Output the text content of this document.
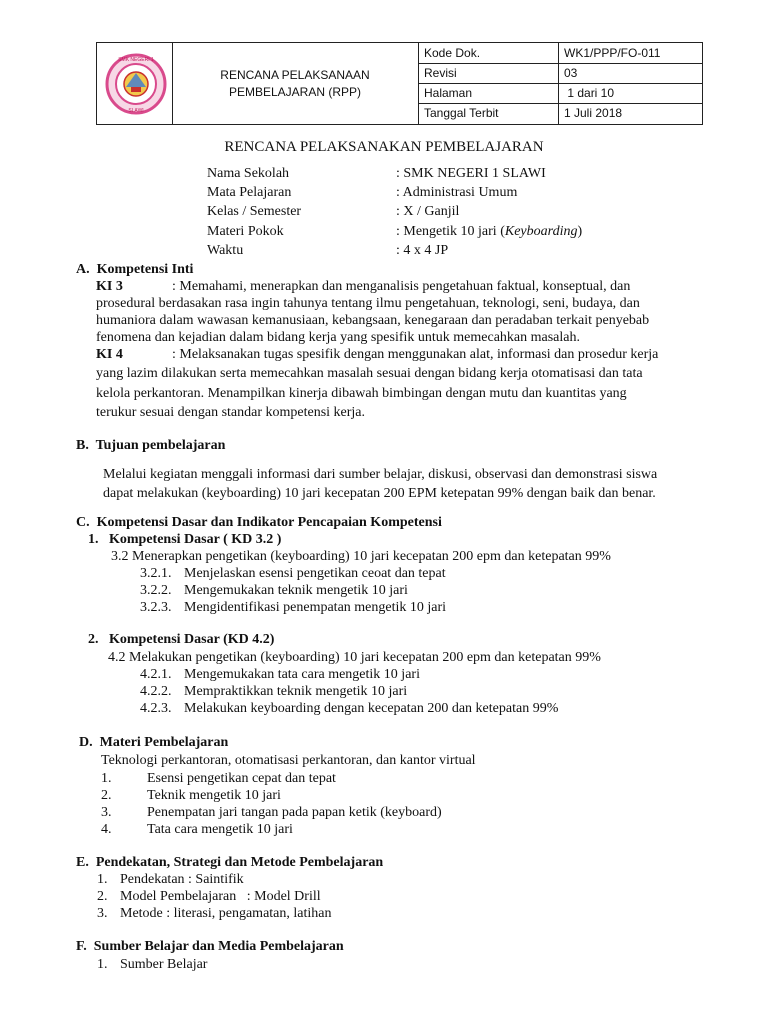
SMK NEGERI 1
SLAWI
RENCANA PELAKSANAAN
PEMBELAJARAN (RPP)
Kode Dok.	WK1/PPP/FO-011
Revisi	03
Halaman	1 dari 10
Tanggal Terbit	1 Juli 2018
RENCANA PELAKSANAKAN PEMBELAJARAN
Nama Sekolah	: SMK NEGERI 1 SLAWI
Mata Pelajaran	: Administrasi Umum
Kelas / Semester	: X / Ganjil
Materi Pokok	: Mengetik 10 jari (Keyboarding)
Waktu	: 4 x 4 JP
A.  Kompetensi Inti
KI 3	: Memahami, menerapkan dan menganalisis pengetahuan faktual, konseptual, dan
prosedural berdasakan rasa ingin tahunya tentang ilmu pengetahuan, teknologi, seni, budaya, dan
humaniora dalam wawasan kemanusiaan, kebangsaan, kenegaraan dan peradaban terkait penyebab
fenomena dan kejadian dalam bidang kerja yang spesifik untuk memecahkan masalah.
KI 4	: Melaksanakan tugas spesifik dengan menggunakan alat, informasi dan prosedur kerja
yang lazim dilakukan serta memecahkan masalah sesuai dengan bidang kerja otomatisasi dan tata
kelola perkantoran. Menampilkan kinerja dibawah bimbingan dengan mutu dan kuantitas yang
terukur sesuai dengan standar kompetensi kerja.
B.  Tujuan pembelajaran
Melalui kegiatan menggali informasi dari sumber belajar, diskusi, observasi dan demonstrasi siswa
dapat melakukan (keyboarding) 10 jari kecepatan 200 EPM ketepatan 99% dengan baik dan benar.
C.  Kompetensi Dasar dan Indikator Pencapaian Kompetensi
1.   Kompetensi Dasar ( KD 3.2 )
3.2 Menerapkan pengetikan (keyboarding) 10 jari kecepatan 200 epm dan ketepatan 99%
3.2.1. Menjelaskan esensi pengetikan ceoat dan tepat
3.2.2. Mengemukakan teknik mengetik 10 jari
3.2.3. Mengidentifikasi penempatan mengetik 10 jari
2.   Kompetensi Dasar (KD 4.2)
4.2 Melakukan pengetikan (keyboarding) 10 jari kecepatan 200 epm dan ketepatan 99%
4.2.1. Mengemukakan tata cara mengetik 10 jari
4.2.2. Mempraktikkan teknik mengetik 10 jari
4.2.3. Melakukan keyboarding dengan kecepatan 200 dan ketepatan 99%
D.  Materi Pembelajaran
Teknologi perkantoran, otomatisasi perkantoran, dan kantor virtual
1.	Esensi pengetikan cepat dan tepat
2.	Teknik mengetik 10 jari
3.	Penempatan jari tangan pada papan ketik (keyboard)
4.	Tata cara mengetik 10 jari
E.  Pendekatan, Strategi dan Metode Pembelajaran
1. Pendekatan : Saintifik
2. Model Pembelajaran   : Model Drill
3. Metode : literasi, pengamatan, latihan
F.  Sumber Belajar dan Media Pembelajaran
1. Sumber Belajar
